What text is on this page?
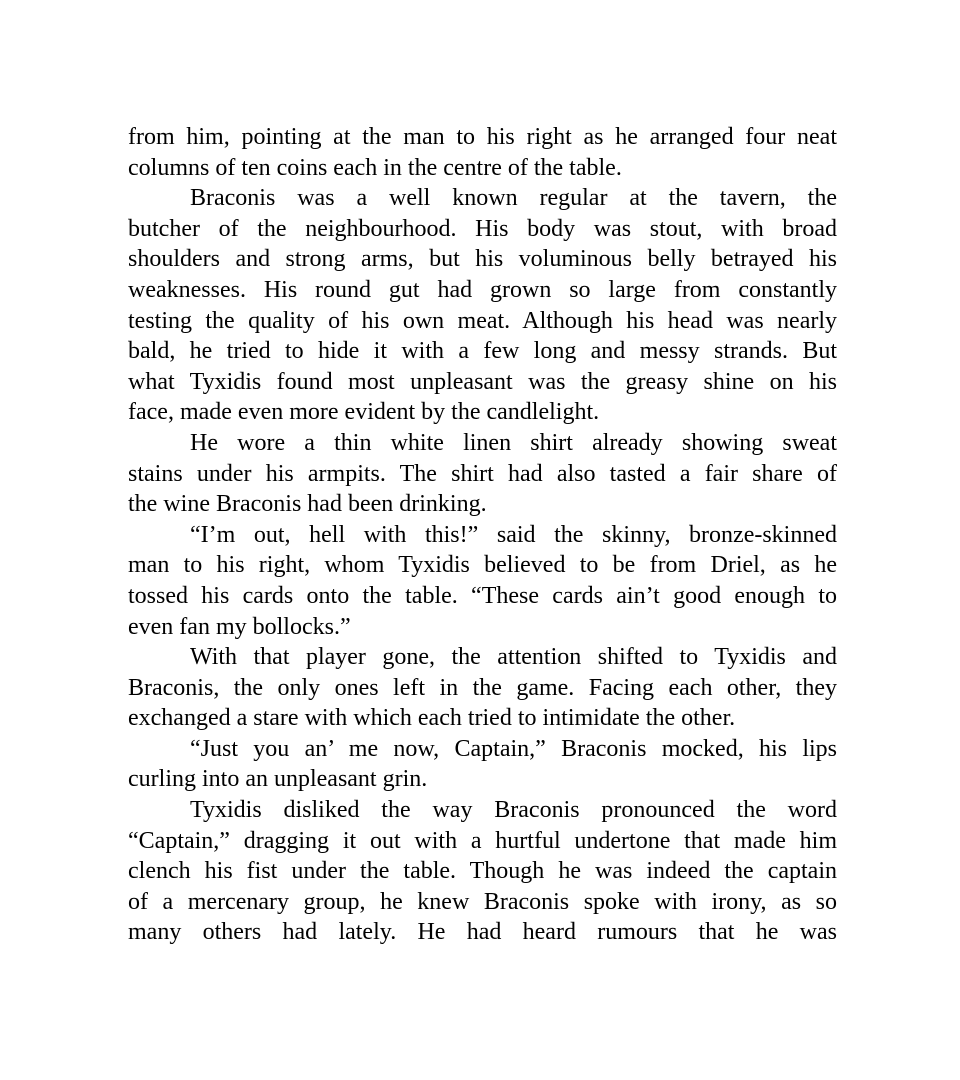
from him, pointing at the man to his right as he arranged four neat
columns of ten coins each in the centre of the table.
Braconis was a well known regular at the tavern, the
butcher of the neighbourhood. His body was stout, with broad
shoulders and strong arms, but his voluminous belly betrayed his
weaknesses. His round gut had grown so large from constantly
testing the quality of his own meat. Although his head was nearly
bald, he tried to hide it with a few long and messy strands. But
what Tyxidis found most unpleasant was the greasy shine on his
face, made even more evident by the candlelight.
He wore a thin white linen shirt already showing sweat
stains under his armpits. The shirt had also tasted a fair share of
the wine Braconis had been drinking.
“I’m out, hell with this!” said the skinny, bronze-skinned
man to his right, whom Tyxidis believed to be from Driel, as he
tossed his cards onto the table. “These cards ain’t good enough to
even fan my bollocks.”
With that player gone, the attention shifted to Tyxidis and
Braconis, the only ones left in the game. Facing each other, they
exchanged a stare with which each tried to intimidate the other.
“Just you an’ me now, Captain,” Braconis mocked, his lips
curling into an unpleasant grin.
Tyxidis disliked the way Braconis pronounced the word
“Captain,” dragging it out with a hurtful undertone that made him
clench his fist under the table. Though he was indeed the captain
of a mercenary group, he knew Braconis spoke with irony, as so
many others had lately. He had heard rumours that he was
